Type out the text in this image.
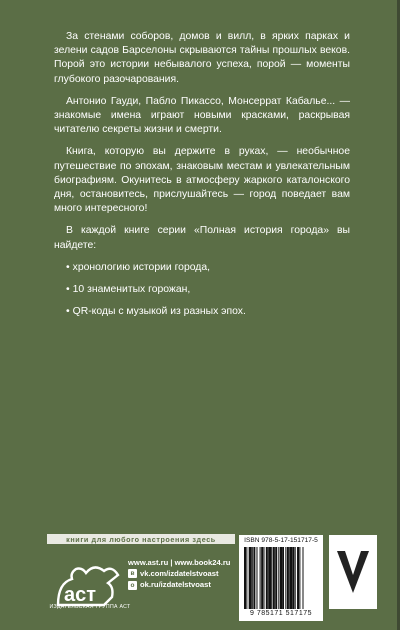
За стенами соборов, домов и вилл, в ярких парках и зелени садов Барселоны скрываются тайны прошлых веков. Порой это истории небывалого успеха, порой — моменты глубокого разочарования.

Антонио Гауди, Пабло Пикассо, Монсеррат Кабалье... — знакомые имена играют новыми красками, раскрывая читателю секреты жизни и смерти.

Книга, которую вы держите в руках, — необычное путешествие по эпохам, знаковым местам и увлекательным биографиям. Окунитесь в атмосферу жаркого каталонского дня, остановитесь, прислушайтесь — город поведает вам много интересного!

В каждой книге серии «Полная история города» вы найдете:

• хронологию истории города,
• 10 знаменитых горожан,
• QR-коды с музыкой из разных эпох.
книги для любого настроения здесь
аст
ИЗДАТЕЛЬСКАЯ ГРУППА АСТ
www.ast.ru | www.book24.ru
в vk.com/izdatelstvoast
о ok.ru/izdatelstvoast
ISBN 978-5-17-151717-5
9 785171 517175
